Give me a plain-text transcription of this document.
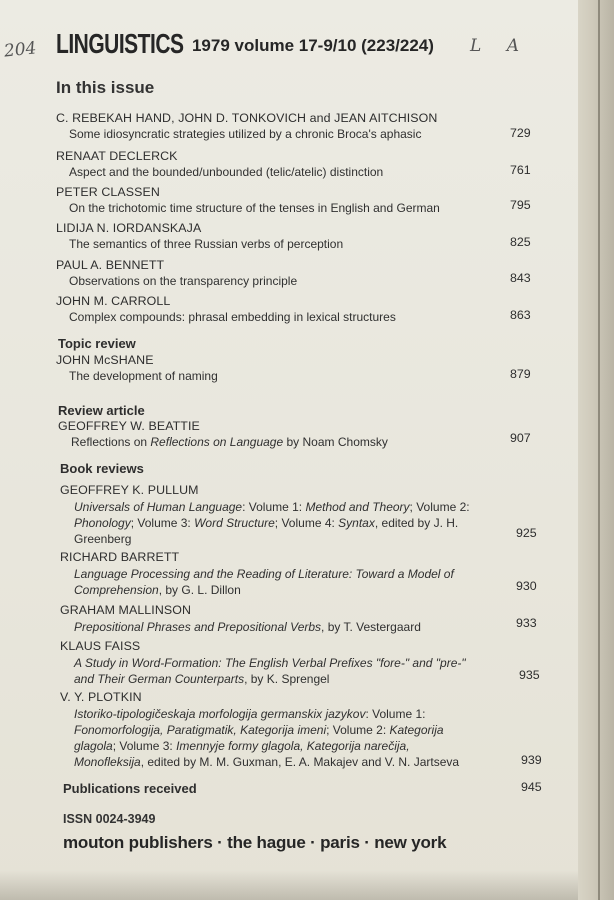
204	L A
LINGUISTICS 1979 volume 17-9/10 (223/224)
In this issue
C. REBEKAH HAND, JOHN D. TONKOVICH and JEAN AITCHISON
Some idiosyncratic strategies utilized by a chronic Broca's aphasic	729
RENAAT DECLERCK
Aspect and the bounded/unbounded (telic/atelic) distinction	761
PETER CLASSEN
On the trichotomic time structure of the tenses in English and German	795
LIDIJA N. IORDANSKAJA
The semantics of three Russian verbs of perception	825
PAUL A. BENNETT
Observations on the transparency principle	843
JOHN M. CARROLL
Complex compounds: phrasal embedding in lexical structures	863
Topic review
JOHN McSHANE
The development of naming	879
Review article
GEOFFREY W. BEATTIE
Reflections on Reflections on Language by Noam Chomsky	907
Book reviews
GEOFFREY K. PULLUM
Universals of Human Language: Volume 1: Method and Theory; Volume 2:
Phonology; Volume 3: Word Structure; Volume 4: Syntax, edited by J. H.
Greenberg	925
RICHARD BARRETT
Language Processing and the Reading of Literature: Toward a Model of
Comprehension, by G. L. Dillon	930
GRAHAM MALLINSON
Prepositional Phrases and Prepositional Verbs, by T. Vestergaard	933
KLAUS FAISS
A Study in Word-Formation: The English Verbal Prefixes "fore-" and "pre-"
and Their German Counterparts, by K. Sprengel	935
V. Y. PLOTKIN
Istoriko-tipologičeskaja morfologija germanskix jazykov: Volume 1:
Fonomorfologija, Paratigmatik, Kategorija imeni; Volume 2: Kategorija
glagola; Volume 3: Imennyje formy glagola, Kategorija narečija,
Monofleksija, edited by M. M. Guxman, E. A. Makajev and V. N. Jartseva	939
Publications received	945
ISSN 0024-3949
mouton publishers · the hague · paris · new york
